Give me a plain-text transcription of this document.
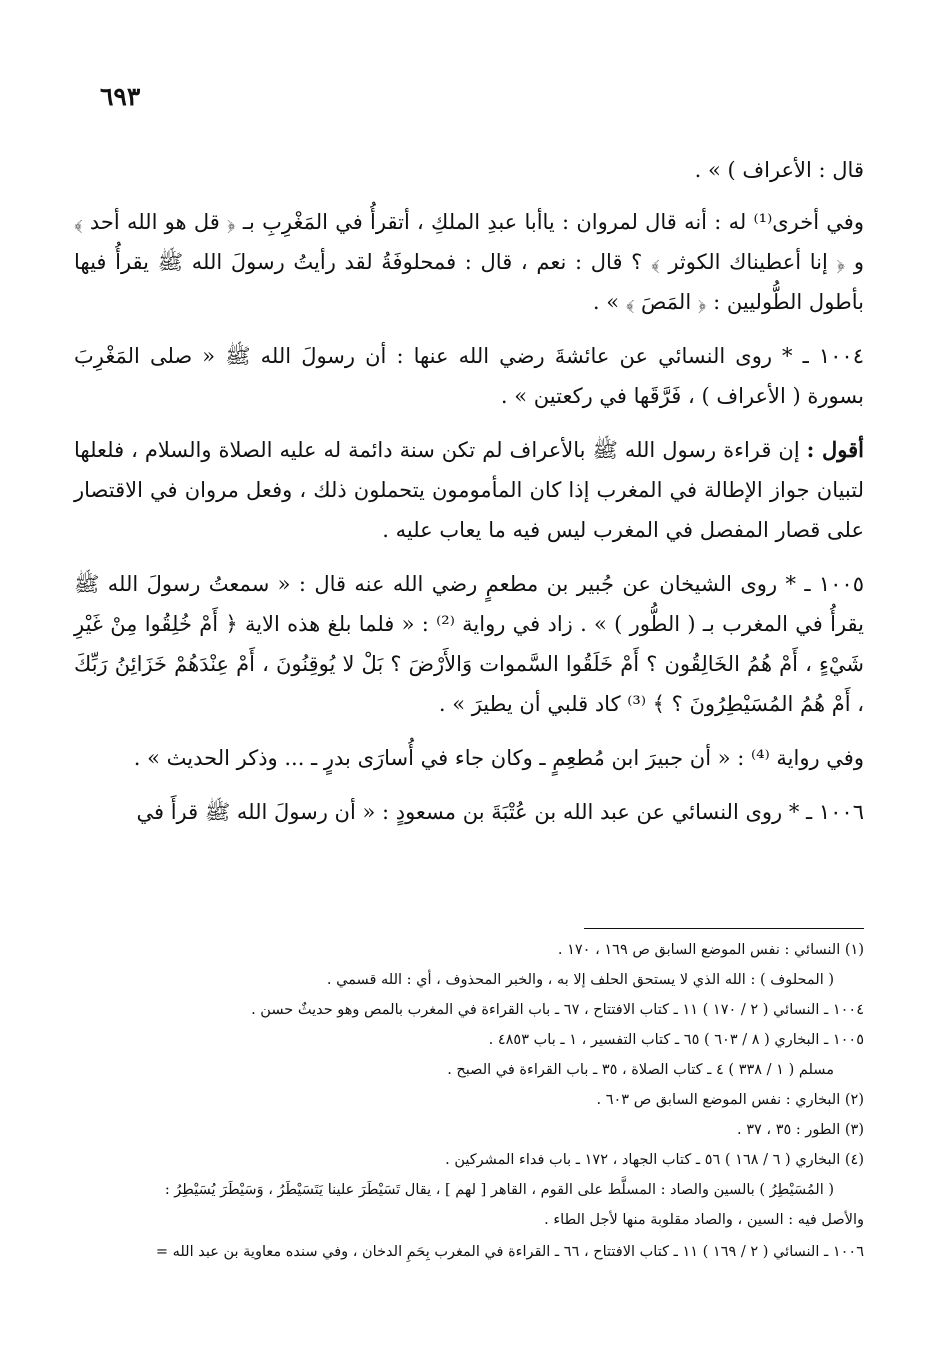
٦٩٣

قال : الأعراف ) » .

وفي أخرى⁽¹⁾ له : أنه قال لمروان : ياأبا عبدِ الملكِ ، أتقرأُ في المَغْرِبِ بـ ﴿ قل هو الله أحد ﴾ و ﴿ إنا أعطيناك الكوثر ﴾ ؟ قال : نعم ، قال : فمحلوفَةُ لقد رأيتُ رسولَ الله ﷺ يقرأُ فيها بأطول الطُّوليين : ﴿ المَصَ ﴾ » .

١٠٠٤ ـ * روى النسائي عن عائشةَ رضي الله عنها : أن رسولَ الله ﷺ « صلى المَغْرِبَ بسورة ( الأعراف ) ، فَرَّقَها في ركعتين » .

أقول : إن قراءة رسول الله ﷺ بالأعراف لم تكن سنة دائمة له عليه الصلاة والسلام ، فلعلها لتبيان جواز الإطالة في المغرب إذا كان المأمومون يتحملون ذلك ، وفعل مروان في الاقتصار على قصار المفصل في المغرب ليس فيه ما يعاب عليه .

١٠٠٥ ـ * روى الشيخان عن جُبير بن مطعمٍ رضي الله عنه قال : « سمعتُ رسولَ الله ﷺ يقرأُ في المغرب بـ ( الطُّور ) » . زاد في رواية ⁽²⁾ : « فلما بلغ هذه الاية ﴿ أَمْ خُلِقُوا مِنْ غَيْرِ شَيْءٍ ، أَمْ هُمُ الخَالِقُون ؟ أَمْ خَلَقُوا السَّموات وَالأَرْضَ ؟ بَلْ لا يُوقِنُونَ ، أَمْ عِنْدَهُمْ خَزَائِنُ رَبِّكَ ، أَمْ هُمُ المُسَيْطِرُونَ ؟ ﴾ ⁽³⁾ كاد قلبي أن يطيرَ » .

وفي رواية ⁽⁴⁾ : « أن جبيرَ ابن مُطعِمٍ ـ وكان جاء في أُسارَى بدرٍ ـ ... وذكر الحديث » .

١٠٠٦ ـ * روى النسائي عن عبد الله بن عُتْبَةَ بن مسعودٍ : « أن رسولَ الله ﷺ قرأَ في

(١) النسائي : نفس الموضع السابق ص ١٦٩ ، ١٧٠ .
( المحلوف ) : الله الذي لا يستحق الحلف إلا به ، والخبر المحذوف ، أي : الله قسمي .
١٠٠٤ ـ النسائي ( ٢ / ١٧٠ ) ١١ ـ كتاب الافتتاح ، ٦٧ ـ باب القراءة في المغرب بالمص وهو حديثٌ حسن .
١٠٠٥ ـ البخاري ( ٨ / ٦٠٣ ) ٦٥ ـ كتاب التفسير ، ١ ـ باب ٤٨٥٣ .
مسلم ( ١ / ٣٣٨ ) ٤ ـ كتاب الصلاة ، ٣٥ ـ باب القراءة في الصبح .
(٢) البخاري : نفس الموضع السابق ص ٦٠٣ .
(٣) الطور : ٣٥ ، ٣٧ .
(٤) البخاري ( ٦ / ١٦٨ ) ٥٦ ـ كتاب الجهاد ، ١٧٢ ـ باب فداء المشركين .
( المُسَيْطِرُ ) بالسين والصاد : المسلَّط على القوم ، القاهر [ لهم ] ، يقال تَسَيْطَرَ علينا يَتَسَيْطَرُ ، وَسَيْطَرَ يُسَيْطِرُ :
والأصل فيه : السين ، والصاد مقلوبة منها لأجل الطاء .
١٠٠٦ ـ النسائي ( ٢ / ١٦٩ ) ١١ ـ كتاب الافتتاح ، ٦٦ ـ القراءة في المغرب بِحَمِ الدخان ، وفي سنده معاوية بن عبد الله =
